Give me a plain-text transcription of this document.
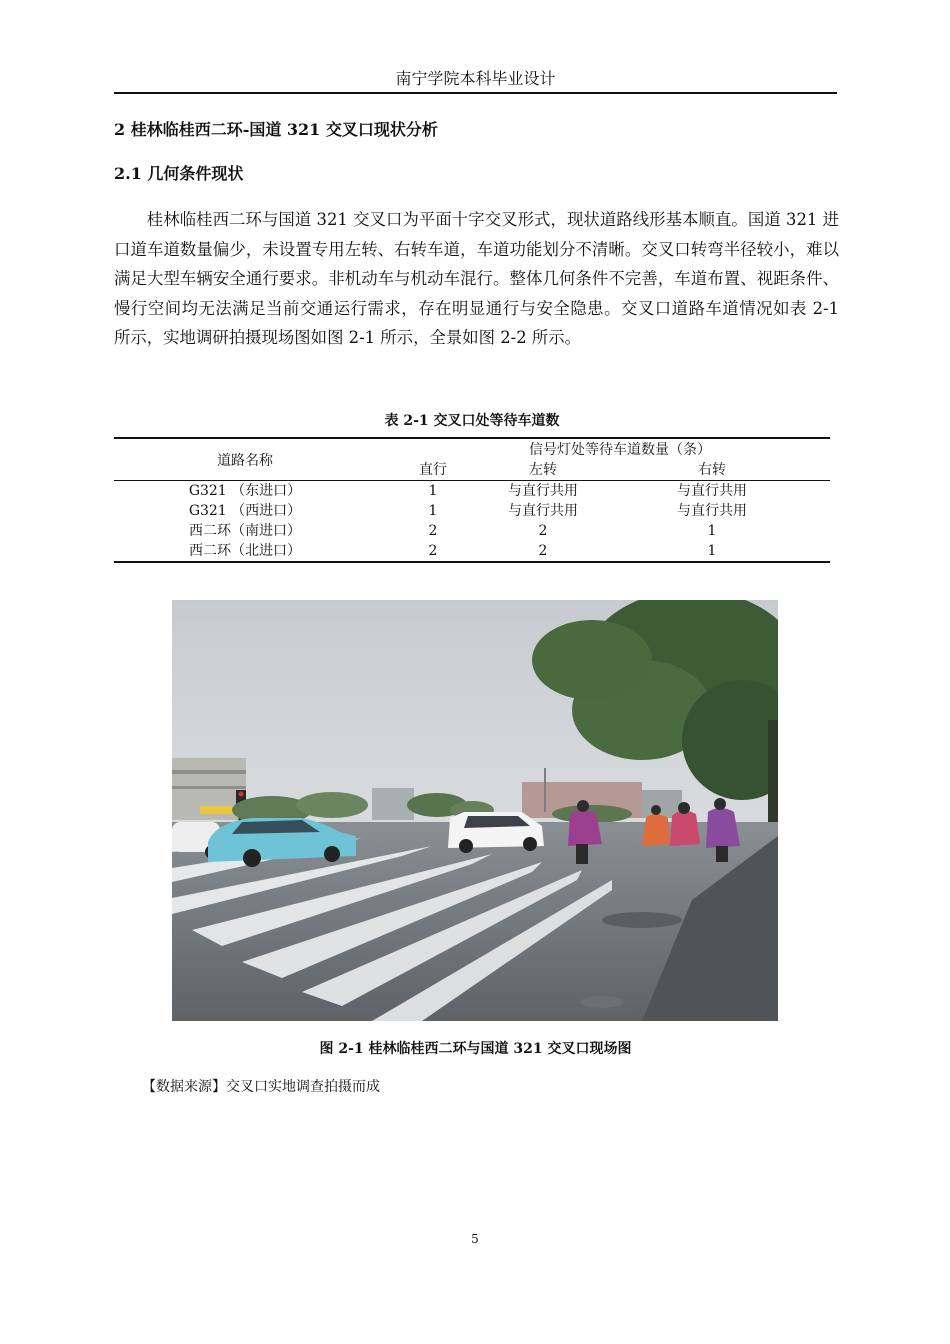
南宁学院本科毕业设计
2 桂林临桂西二环-国道 321 交叉口现状分析
2.1 几何条件现状

桂林临桂西二环与国道 321 交叉口为平面十字交叉形式，现状道路线形基本顺直。国道 321 进口道车道数量偏少，未设置专用左转、右转车道，车道功能划分不清晰。交叉口转弯半径较小，难以满足大型车辆安全通行要求。非机动车与机动车混行。整体几何条件不完善，车道布置、视距条件、慢行空间均无法满足当前交通运行需求，存在明显通行与安全隐患。交叉口道路车道情况如表 2-1 所示，实地调研拍摄现场图如图 2-1 所示，全景如图 2-2 所示。

表 2-1 交叉口处等待车道数
道路名称
信号灯处等待车道数量（条）
直行	左转	右转
G321 （东进口）	1	与直行共用	与直行共用
G321 （西进口）	1	与直行共用	与直行共用
西二环（南进口）	2	2	1
西二环（北进口）	2	2	1
图 2-1 桂林临桂西二环与国道 321 交叉口现场图
【数据来源】交叉口实地调查拍摄而成
5
